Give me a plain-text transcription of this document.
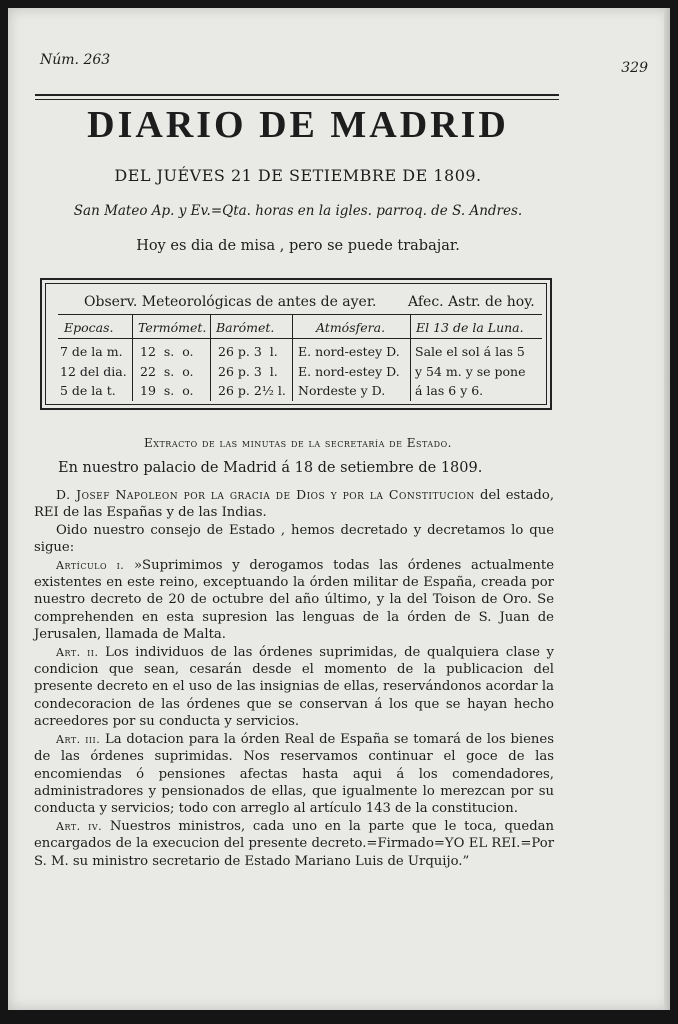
Núm. 263	329
DIARIO DE MADRID
DEL JUÉVES 21 DE SETIEMBRE DE 1809.
San Mateo Ap. y Ev.=Qta. horas en la igles. parroq. de S. Andres.
Hoy es dia de misa , pero se puede trabajar.
Observ. Meteorológicas de antes de ayer. Afec. Astr. de hoy.
Epocas. Termómet. Barómet.	Atmósfera. El 13 de la Luna.
7 de la m.
12 del dia.
5 de la t.
12  s.  o.
22  s.  o.
19  s.  o.
26 p. 3  l.
26 p. 3  l.
26 p. 2½ l.
E. nord-estey D.
E. nord-estey D.
Nordeste y D.
Sale el sol á las 5
y 54 m. y se pone
á las 6 y 6.
Extracto de las minutas de la secretaría de Estado.
En nuestro palacio de Madrid á 18 de setiembre de 1809.

D. Josef Napoleon por la gracia de Dios y por la Constitucion del estado, REI de las Españas y de las Indias.

Oido nuestro consejo de Estado , hemos decretado y decretamos lo que sigue:

Artículo i. »Suprimimos y derogamos todas las órdenes actualmente existentes en este reino, exceptuando la órden militar de España, creada por nuestro decreto de 20 de octubre del año último, y la del Toison de Oro. Se comprehenden en esta supresion las lenguas de la órden de S. Juan de Jerusalen, llamada de Malta.

Art. ii. Los individuos de las órdenes suprimidas, de qualquiera clase y condicion que sean, cesarán desde el momento de la publicacion del presente decreto en el uso de las insignias de ellas, reservándonos acordar la condecoracion de las órdenes que se conservan á los que se hayan hecho acreedores por su conducta y servicios.

Art. iii. La dotacion para la órden Real de España se tomará de los bienes de las órdenes suprimidas. Nos reservamos continuar el goce de las encomiendas ó pensiones afectas hasta aqui á los comendadores, administradores y pensionados de ellas, que igualmente lo merezcan por su conducta y servicios; todo con arreglo al artículo 143 de la constitucion.

Art. iv. Nuestros ministros, cada uno en la parte que le toca, quedan encargados de la execucion del presente decreto.=Firmado=YO EL REI.=Por S. M. su ministro secretario de Estado Mariano Luis de Urquijo.”
